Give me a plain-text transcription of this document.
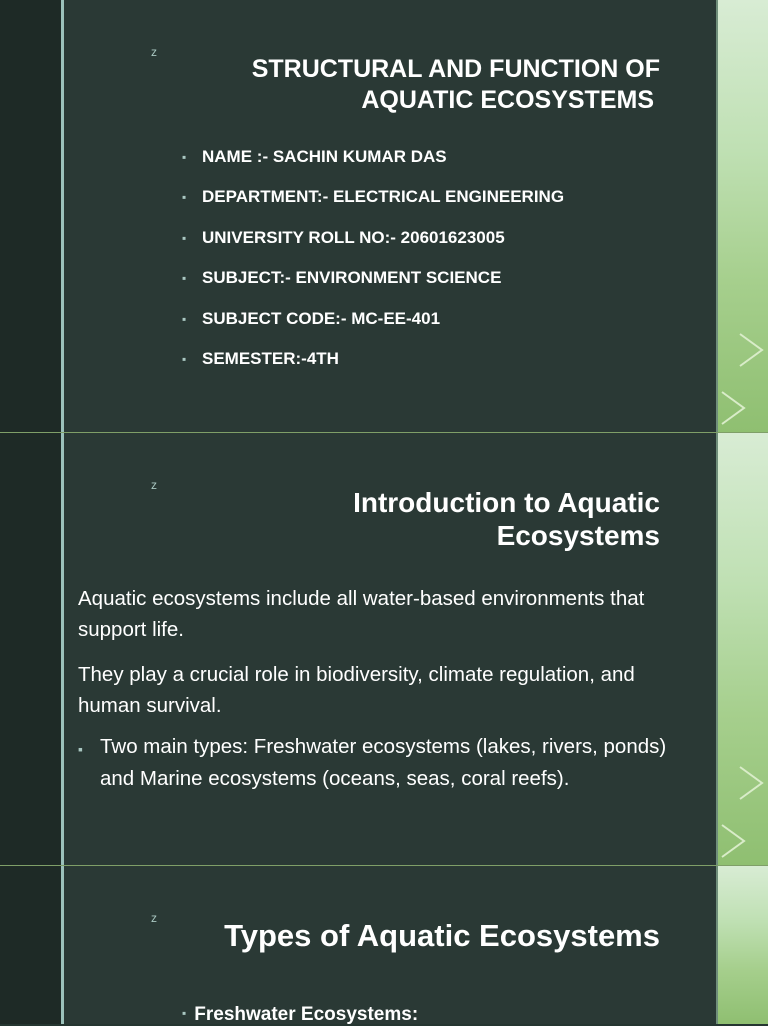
z
STRUCTURAL AND FUNCTION OF
AQUATIC ECOSYSTEMS
▪ NAME :- SACHIN KUMAR DAS
▪ DEPARTMENT:- ELECTRICAL ENGINEERING
▪ UNIVERSITY ROLL NO:- 20601623005
▪ SUBJECT:- ENVIRONMENT SCIENCE
▪ SUBJECT CODE:- MC-EE-401
▪ SEMESTER:-4TH
z
Introduction to Aquatic
Ecosystems

Aquatic ecosystems include all water-based environments that support life.

They play a crucial role in biodiversity, climate regulation, and human survival.

▪ Two main types: Freshwater ecosystems (lakes, rivers, ponds) and Marine ecosystems (oceans, seas, coral reefs).
z	Types of Aquatic Ecosystems
▪ Freshwater Ecosystems:
